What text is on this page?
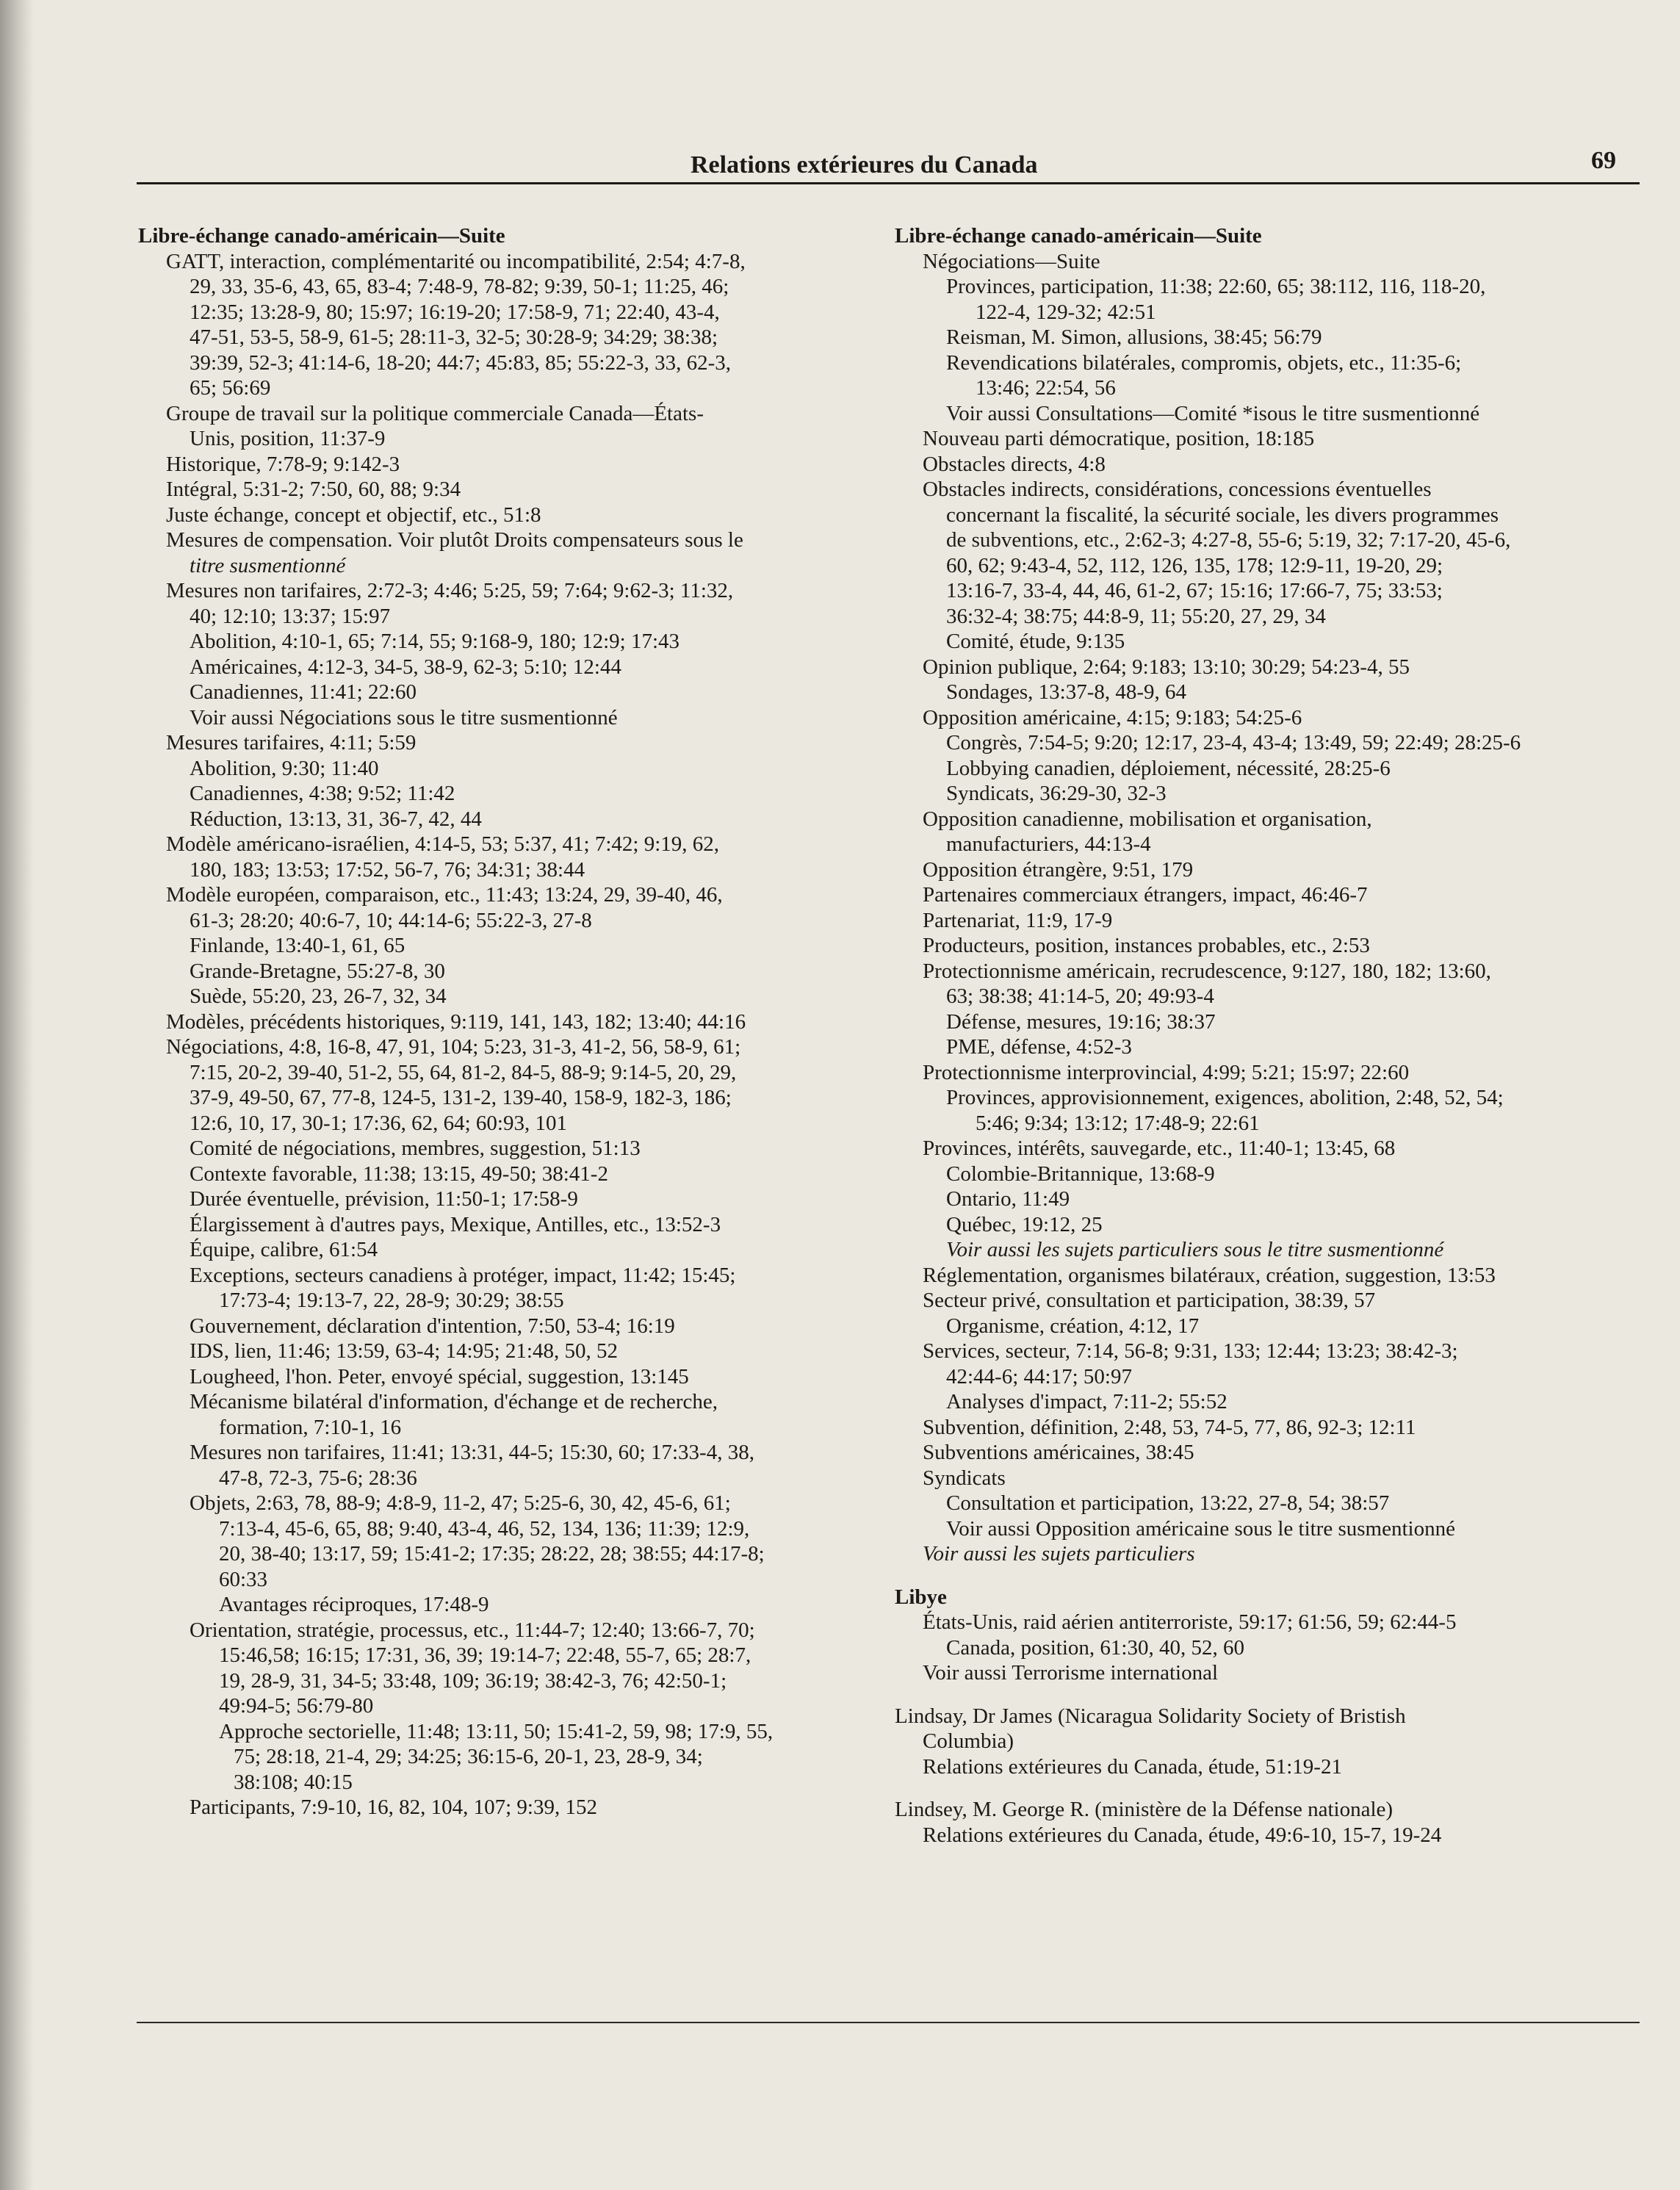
Relations extérieures du Canada	69
Libre-échange canado-américain—Suite
GATT, interaction, complémentarité ou incompatibilité, 2:54; 4:7-8,
29, 33, 35-6, 43, 65, 83-4; 7:48-9, 78-82; 9:39, 50-1; 11:25, 46;
12:35; 13:28-9, 80; 15:97; 16:19-20; 17:58-9, 71; 22:40, 43-4,
47-51, 53-5, 58-9, 61-5; 28:11-3, 32-5; 30:28-9; 34:29; 38:38;
39:39, 52-3; 41:14-6, 18-20; 44:7; 45:83, 85; 55:22-3, 33, 62-3,
65; 56:69
Groupe de travail sur la politique commerciale Canada—États-
Unis, position, 11:37-9
Historique, 7:78-9; 9:142-3
Intégral, 5:31-2; 7:50, 60, 88; 9:34
Juste échange, concept et objectif, etc., 51:8
Mesures de compensation. Voir plutôt Droits compensateurs sous le
titre susmentionné
Mesures non tarifaires, 2:72-3; 4:46; 5:25, 59; 7:64; 9:62-3; 11:32,
40; 12:10; 13:37; 15:97
Abolition, 4:10-1, 65; 7:14, 55; 9:168-9, 180; 12:9; 17:43
Américaines, 4:12-3, 34-5, 38-9, 62-3; 5:10; 12:44
Canadiennes, 11:41; 22:60
Voir aussi Négociations sous le titre susmentionné
Mesures tarifaires, 4:11; 5:59
Abolition, 9:30; 11:40
Canadiennes, 4:38; 9:52; 11:42
Réduction, 13:13, 31, 36-7, 42, 44
Modèle américano-israélien, 4:14-5, 53; 5:37, 41; 7:42; 9:19, 62,
180, 183; 13:53; 17:52, 56-7, 76; 34:31; 38:44
Modèle européen, comparaison, etc., 11:43; 13:24, 29, 39-40, 46,
61-3; 28:20; 40:6-7, 10; 44:14-6; 55:22-3, 27-8
Finlande, 13:40-1, 61, 65
Grande-Bretagne, 55:27-8, 30
Suède, 55:20, 23, 26-7, 32, 34
Modèles, précédents historiques, 9:119, 141, 143, 182; 13:40; 44:16
Négociations, 4:8, 16-8, 47, 91, 104; 5:23, 31-3, 41-2, 56, 58-9, 61;
7:15, 20-2, 39-40, 51-2, 55, 64, 81-2, 84-5, 88-9; 9:14-5, 20, 29,
37-9, 49-50, 67, 77-8, 124-5, 131-2, 139-40, 158-9, 182-3, 186;
12:6, 10, 17, 30-1; 17:36, 62, 64; 60:93, 101
Comité de négociations, membres, suggestion, 51:13
Contexte favorable, 11:38; 13:15, 49-50; 38:41-2
Durée éventuelle, prévision, 11:50-1; 17:58-9
Élargissement à d'autres pays, Mexique, Antilles, etc., 13:52-3
Équipe, calibre, 61:54
Exceptions, secteurs canadiens à protéger, impact, 11:42; 15:45;
17:73-4; 19:13-7, 22, 28-9; 30:29; 38:55
Gouvernement, déclaration d'intention, 7:50, 53-4; 16:19
IDS, lien, 11:46; 13:59, 63-4; 14:95; 21:48, 50, 52
Lougheed, l'hon. Peter, envoyé spécial, suggestion, 13:145
Mécanisme bilatéral d'information, d'échange et de recherche,
formation, 7:10-1, 16
Mesures non tarifaires, 11:41; 13:31, 44-5; 15:30, 60; 17:33-4, 38,
47-8, 72-3, 75-6; 28:36
Objets, 2:63, 78, 88-9; 4:8-9, 11-2, 47; 5:25-6, 30, 42, 45-6, 61;
7:13-4, 45-6, 65, 88; 9:40, 43-4, 46, 52, 134, 136; 11:39; 12:9,
20, 38-40; 13:17, 59; 15:41-2; 17:35; 28:22, 28; 38:55; 44:17-8;
60:33
Avantages réciproques, 17:48-9
Orientation, stratégie, processus, etc., 11:44-7; 12:40; 13:66-7, 70;
15:46,58; 16:15; 17:31, 36, 39; 19:14-7; 22:48, 55-7, 65; 28:7,
19, 28-9, 31, 34-5; 33:48, 109; 36:19; 38:42-3, 76; 42:50-1;
49:94-5; 56:79-80
Approche sectorielle, 11:48; 13:11, 50; 15:41-2, 59, 98; 17:9, 55,
75; 28:18, 21-4, 29; 34:25; 36:15-6, 20-1, 23, 28-9, 34;
38:108; 40:15
Participants, 7:9-10, 16, 82, 104, 107; 9:39, 152
Libre-échange canado-américain—Suite
Négociations—Suite
Provinces, participation, 11:38; 22:60, 65; 38:112, 116, 118-20,
122-4, 129-32; 42:51
Reisman, M. Simon, allusions, 38:45; 56:79
Revendications bilatérales, compromis, objets, etc., 11:35-6;
13:46; 22:54, 56
Voir aussi Consultations—Comité *isous le titre susmentionné
Nouveau parti démocratique, position, 18:185
Obstacles directs, 4:8
Obstacles indirects, considérations, concessions éventuelles
concernant la fiscalité, la sécurité sociale, les divers programmes
de subventions, etc., 2:62-3; 4:27-8, 55-6; 5:19, 32; 7:17-20, 45-6,
60, 62; 9:43-4, 52, 112, 126, 135, 178; 12:9-11, 19-20, 29;
13:16-7, 33-4, 44, 46, 61-2, 67; 15:16; 17:66-7, 75; 33:53;
36:32-4; 38:75; 44:8-9, 11; 55:20, 27, 29, 34
Comité, étude, 9:135
Opinion publique, 2:64; 9:183; 13:10; 30:29; 54:23-4, 55
Sondages, 13:37-8, 48-9, 64
Opposition américaine, 4:15; 9:183; 54:25-6
Congrès, 7:54-5; 9:20; 12:17, 23-4, 43-4; 13:49, 59; 22:49; 28:25-6
Lobbying canadien, déploiement, nécessité, 28:25-6
Syndicats, 36:29-30, 32-3
Opposition canadienne, mobilisation et organisation,
manufacturiers, 44:13-4
Opposition étrangère, 9:51, 179
Partenaires commerciaux étrangers, impact, 46:46-7
Partenariat, 11:9, 17-9
Producteurs, position, instances probables, etc., 2:53
Protectionnisme américain, recrudescence, 9:127, 180, 182; 13:60,
63; 38:38; 41:14-5, 20; 49:93-4
Défense, mesures, 19:16; 38:37
PME, défense, 4:52-3
Protectionnisme interprovincial, 4:99; 5:21; 15:97; 22:60
Provinces, approvisionnement, exigences, abolition, 2:48, 52, 54;
5:46; 9:34; 13:12; 17:48-9; 22:61
Provinces, intérêts, sauvegarde, etc., 11:40-1; 13:45, 68
Colombie-Britannique, 13:68-9
Ontario, 11:49
Québec, 19:12, 25
Voir aussi les sujets particuliers sous le titre susmentionné
Réglementation, organismes bilatéraux, création, suggestion, 13:53
Secteur privé, consultation et participation, 38:39, 57
Organisme, création, 4:12, 17
Services, secteur, 7:14, 56-8; 9:31, 133; 12:44; 13:23; 38:42-3;
42:44-6; 44:17; 50:97
Analyses d'impact, 7:11-2; 55:52
Subvention, définition, 2:48, 53, 74-5, 77, 86, 92-3; 12:11
Subventions américaines, 38:45
Syndicats
Consultation et participation, 13:22, 27-8, 54; 38:57
Voir aussi Opposition américaine sous le titre susmentionné
Voir aussi les sujets particuliers
Libye
États-Unis, raid aérien antiterroriste, 59:17; 61:56, 59; 62:44-5
Canada, position, 61:30, 40, 52, 60
Voir aussi Terrorisme international
Lindsay, Dr James (Nicaragua Solidarity Society of Bristish
Columbia)
Relations extérieures du Canada, étude, 51:19-21
Lindsey, M. George R. (ministère de la Défense nationale)
Relations extérieures du Canada, étude, 49:6-10, 15-7, 19-24
